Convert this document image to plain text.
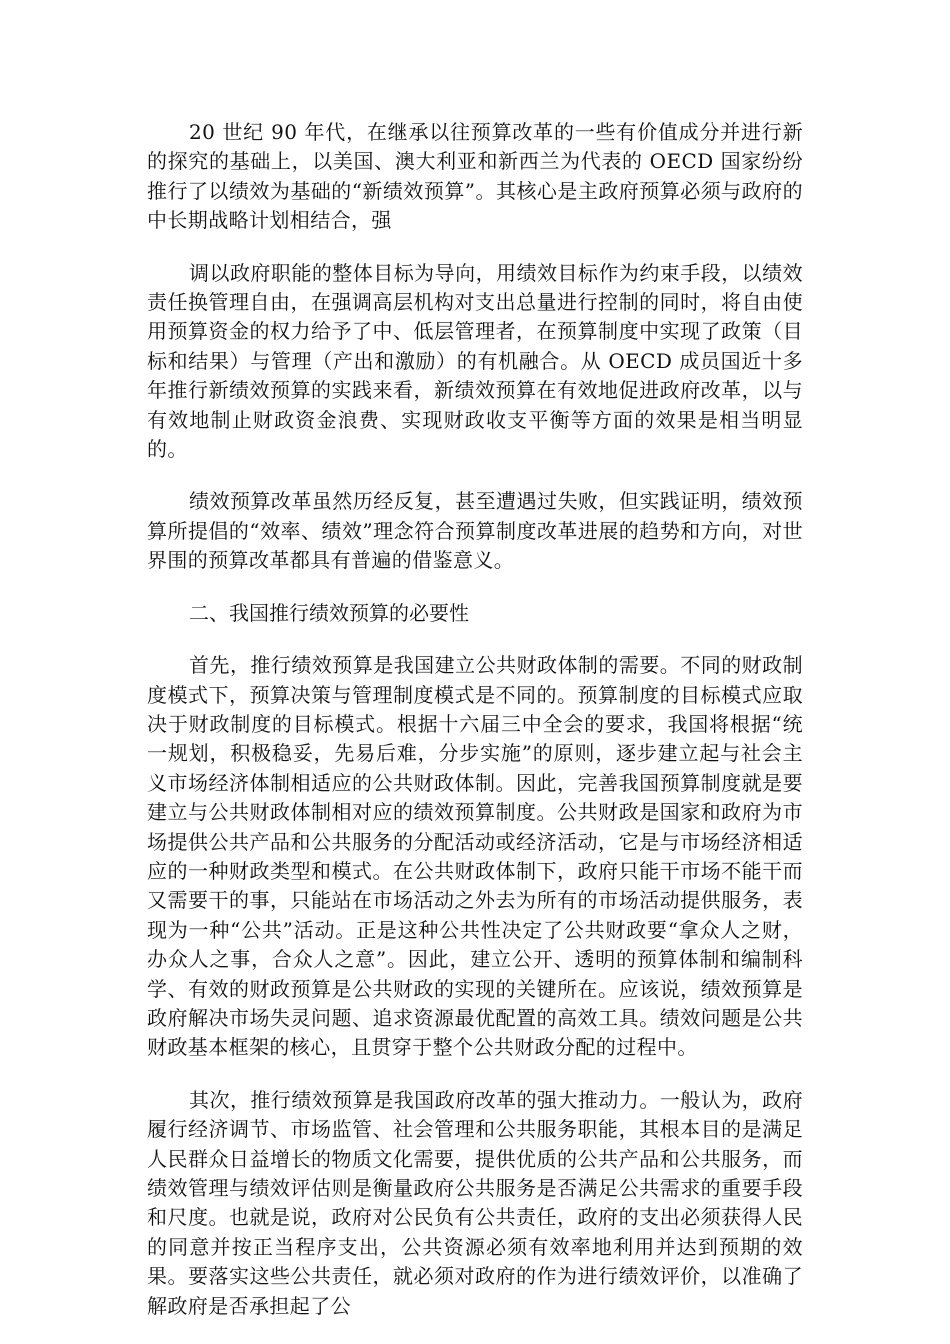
20 世纪 90 年代，在继承以往预算改革的一些有价值成分并进行新的探究的基础上，以美国、澳大利亚和新西兰为代表的 OECD 国家纷纷推行了以绩效为基础的“新绩效预算”。其核心是主政府预算必须与政府的中长期战略计划相结合，强

调以政府职能的整体目标为导向，用绩效目标作为约束手段，以绩效责任换管理自由，在强调高层机构对支出总量进行控制的同时，将自由使用预算资金的权力给予了中、低层管理者，在预算制度中实现了政策（目标和结果）与管理（产出和激励）的有机融合。从 OECD 成员国近十多年推行新绩效预算的实践来看，新绩效预算在有效地促进政府改革，以与有效地制止财政资金浪费、实现财政收支平衡等方面的效果是相当明显的。

绩效预算改革虽然历经反复，甚至遭遇过失败，但实践证明，绩效预算所提倡的“效率、绩效”理念符合预算制度改革进展的趋势和方向，对世界围的预算改革都具有普遍的借鉴意义。

二、我国推行绩效预算的必要性

首先，推行绩效预算是我国建立公共财政体制的需要。不同的财政制度模式下，预算决策与管理制度模式是不同的。预算制度的目标模式应取决于财政制度的目标模式。根据十六届三中全会的要求，我国将根据“统一规划，积极稳妥，先易后难，分步实施”的原则，逐步建立起与社会主义市场经济体制相适应的公共财政体制。因此，完善我国预算制度就是要建立与公共财政体制相对应的绩效预算制度。公共财政是国家和政府为市场提供公共产品和公共服务的分配活动或经济活动，它是与市场经济相适应的一种财政类型和模式。在公共财政体制下，政府只能干市场不能干而又需要干的事，只能站在市场活动之外去为所有的市场活动提供服务，表现为一种“公共”活动。正是这种公共性决定了公共财政要“拿众人之财，办众人之事，合众人之意”。因此，建立公开、透明的预算体制和编制科学、有效的财政预算是公共财政的实现的关键所在。应该说，绩效预算是政府解决市场失灵问题、追求资源最优配置的高效工具。绩效问题是公共财政基本框架的核心，且贯穿于整个公共财政分配的过程中。

其次，推行绩效预算是我国政府改革的强大推动力。一般认为，政府履行经济调节、市场监管、社会管理和公共服务职能，其根本目的是满足人民群众日益增长的物质文化需要，提供优质的公共产品和公共服务，而绩效管理与绩效评估则是衡量政府公共服务是否满足公共需求的重要手段和尺度。也就是说，政府对公民负有公共责任，政府的支出必须获得人民的同意并按正当程序支出，公共资源必须有效率地利用并达到预期的效果。要落实这些公共责任，就必须对政府的作为进行绩效评价，以准确了解政府是否承担起了公
